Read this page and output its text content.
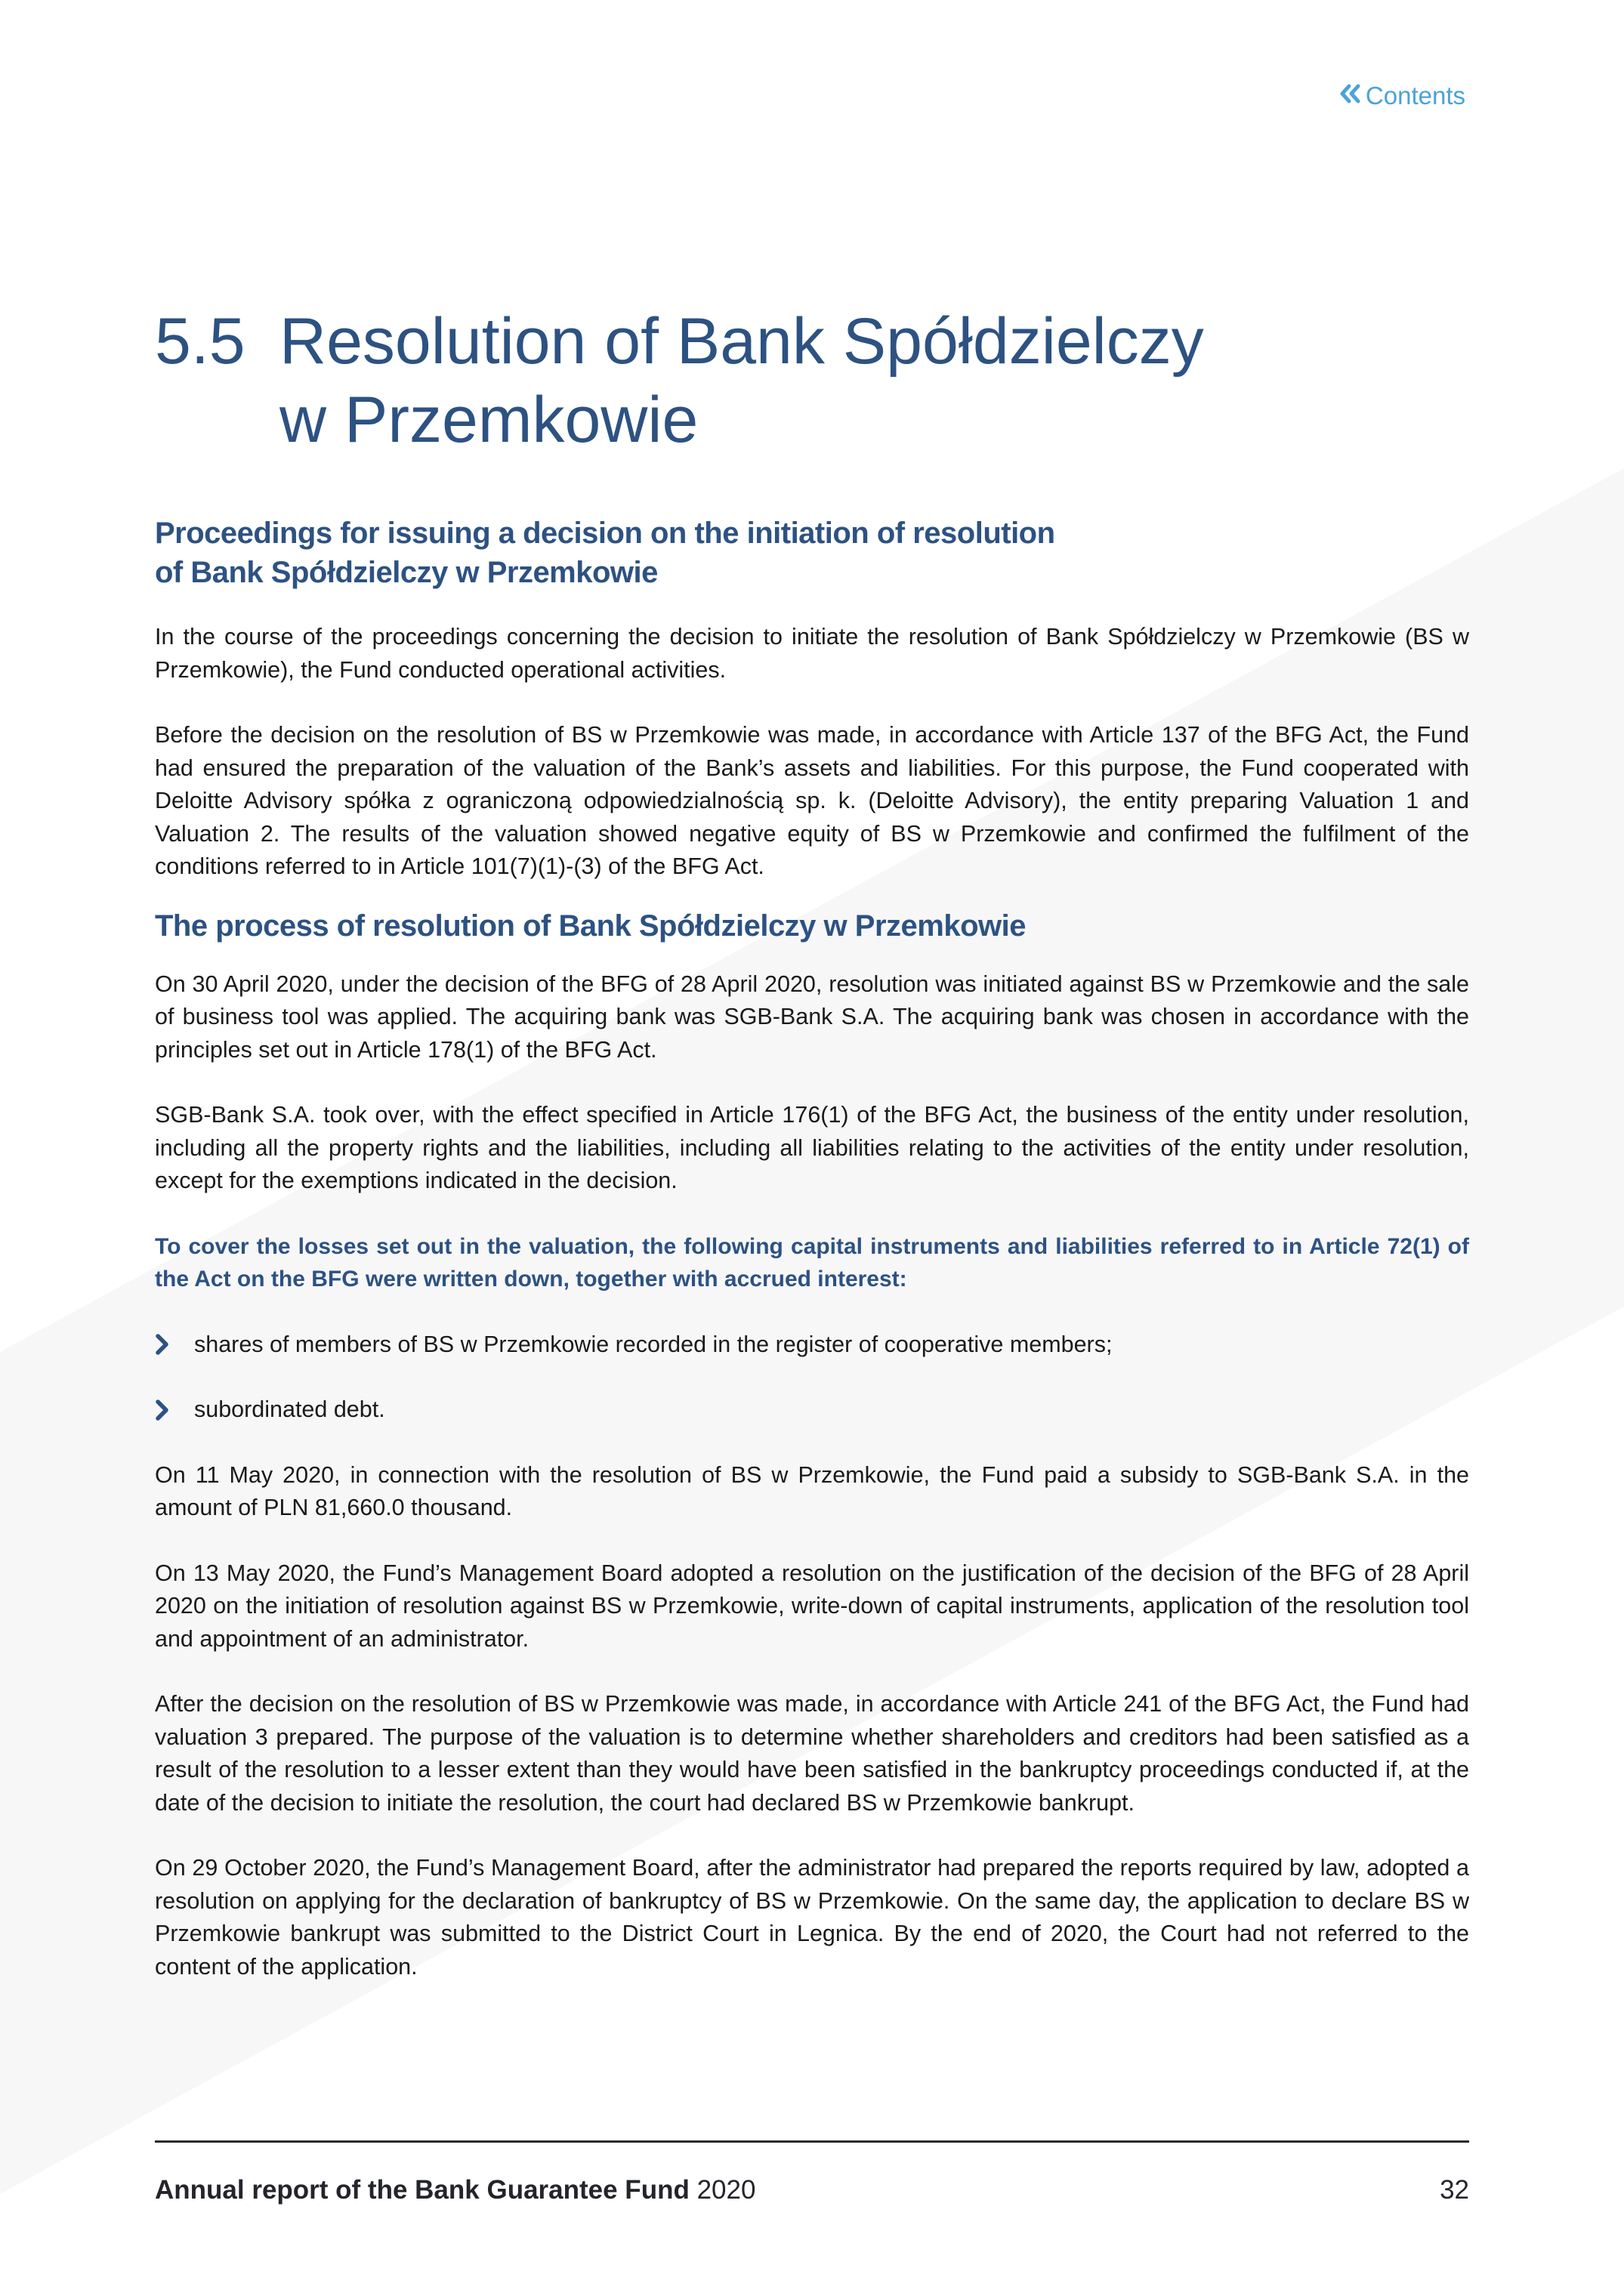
Contents
5.5 Resolution of Bank Spółdzielczy
w Przemkowie
Proceedings for issuing a decision on the initiation of resolution
of Bank Spółdzielczy w Przemkowie

In the course of the proceedings concerning the decision to initiate the resolution of Bank Spółdzielczy w Przemkowie (BS w Przemkowie), the Fund conducted operational activities.

Before the decision on the resolution of BS w Przemkowie was made, in accordance with Article 137 of the BFG Act, the Fund had ensured the preparation of the valuation of the Bank’s assets and liabilities. For this purpose, the Fund cooperated with Deloitte Advisory spółka z ograniczoną odpowiedzialnością sp. k. (Deloitte Advisory), the entity preparing Valuation 1 and Valuation 2. The results of the valuation showed negative equity of BS w Przemkowie and confirmed the fulfilment of the conditions referred to in Article 101(7)(1)-(3) of the BFG Act.

The process of resolution of Bank Spółdzielczy w Przemkowie

On 30 April 2020, under the decision of the BFG of 28 April 2020, resolution was initiated against BS w Przemkowie and the sale of business tool was applied. The acquiring bank was SGB-Bank S.A. The acquiring bank was chosen in accordance with the principles set out in Article 178(1) of the BFG Act.

SGB-Bank S.A. took over, with the effect specified in Article 176(1) of the BFG Act, the business of the entity under resolution, including all the property rights and the liabilities, including all liabilities relating to the activities of the entity under resolution, except for the exemptions indicated in the decision.

To cover the losses set out in the valuation, the following capital instruments and liabilities referred to in Article 72(1) of the Act on the BFG were written down, together with accrued interest:

shares of members of BS w Przemkowie recorded in the register of cooperative members;
subordinated debt.

On 11 May 2020, in connection with the resolution of BS w Przemkowie, the Fund paid a subsidy to SGB-Bank S.A. in the amount of PLN 81,660.0 thousand.

On 13 May 2020, the Fund’s Management Board adopted a resolution on the justification of the decision of the BFG of 28 April 2020 on the initiation of resolution against BS w Przemkowie, write-down of capital instruments, application of the resolution tool and appointment of an administrator.

After the decision on the resolution of BS w Przemkowie was made, in accordance with Article 241 of the BFG Act, the Fund had valuation 3 prepared. The purpose of the valuation is to determine whether shareholders and creditors had been satisfied as a result of the resolution to a lesser extent than they would have been satisfied in the bankruptcy proceedings conducted if, at the date of the decision to initiate the resolution, the court had declared BS w Przemkowie bankrupt.

On 29 October 2020, the Fund’s Management Board, after the administrator had prepared the reports required by law, adopted a resolution on applying for the declaration of bankruptcy of BS w Przemkowie. On the same day, the application to declare BS w Przemkowie bankrupt was submitted to the District Court in Legnica. By the end of 2020, the Court had not referred to the content of the application.

Annual report of the Bank Guarantee Fund 2020	32
